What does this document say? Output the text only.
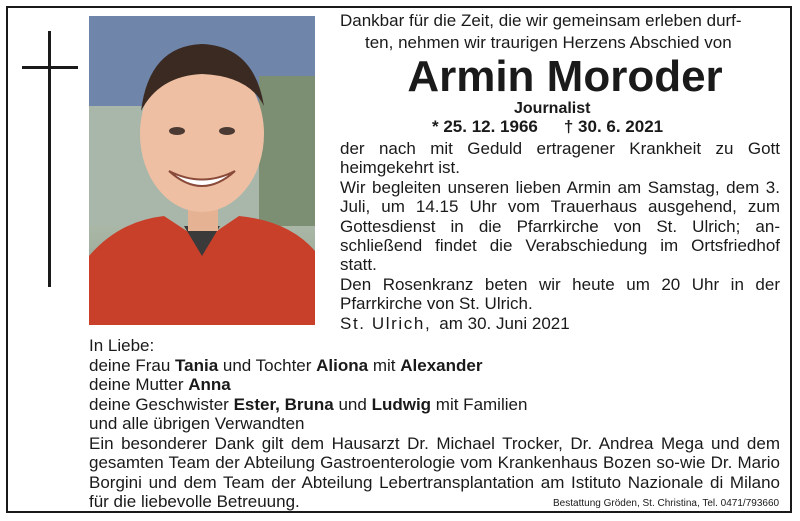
Dankbar für die Zeit, die wir gemeinsam erleben durf-
ten, nehmen wir traurigen Herzens Abschied von
Armin Moroder
Journalist
* 25. 12. 1966 † 30. 6. 2021

der nach mit Geduld ertragener Krankheit zu Gott heimgekehrt ist.

Wir begleiten unseren lieben Armin am Samstag, dem 3. Juli, um 14.15 Uhr vom Trauerhaus ausgehend, zum Gottesdienst in die Pfarrkirche von St. Ulrich; an-schließend findet die Verabschiedung im Ortsfriedhof statt.

Den Rosenkranz beten wir heute um 20 Uhr in der Pfarrkirche von St. Ulrich.

St. Ulrich, am 30. Juni 2021
In Liebe:
deine Frau Tania und Tochter Aliona mit Alexander
deine Mutter Anna
deine Geschwister Ester, Bruna und Ludwig mit Familien
und alle übrigen Verwandten
Ein besonderer Dank gilt dem Hausarzt Dr. Michael Trocker, Dr. Andrea Mega und dem gesamten Team der Abteilung Gastroenterologie vom Krankenhaus Bozen so-wie Dr. Mario Borgini und dem Team der Abteilung Lebertransplantation am Istituto Nazionale di Milano für die liebevolle Betreuung.	Bestattung Gröden, St. Christina, Tel. 0471/793660
